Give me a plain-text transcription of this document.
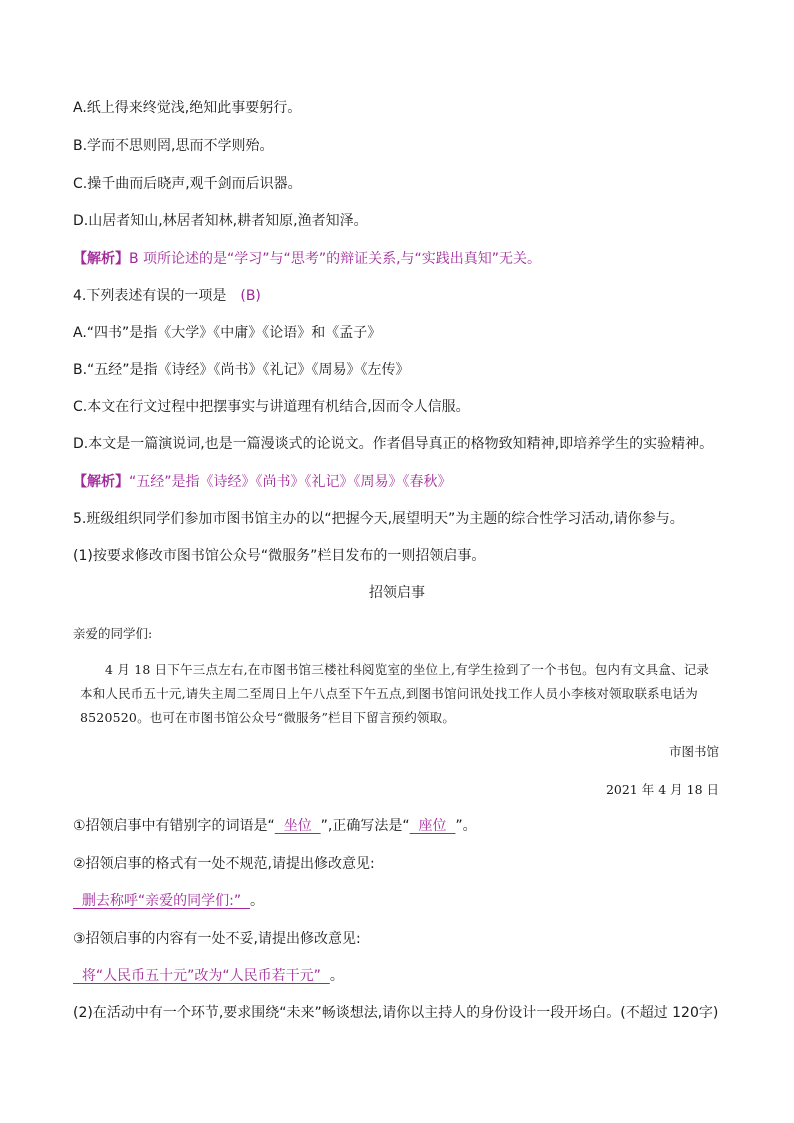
A.纸上得来终觉浅,绝知此事要躬行。
B.学而不思则罔,思而不学则殆。
C.操千曲而后晓声,观千剑而后识器。
D.山居者知山,林居者知林,耕者知原,渔者知泽。
【解析】B 项所论述的是“学习”与“思考”的辩证关系,与“实践出真知”无关。
4.下列表述有误的一项是 (B)
A.“四书”是指《大学》《中庸》《论语》和《孟子》
B.“五经”是指《诗经》《尚书》《礼记》《周易》《左传》
C.本文在行文过程中把摆事实与讲道理有机结合,因而令人信服。
D.本文是一篇演说词,也是一篇漫谈式的论说文。作者倡导真正的格物致知精神,即培养学生的实验精神。
【解析】“五经”是指《诗经》《尚书》《礼记》《周易》《春秋》
5.班级组织同学们参加市图书馆主办的以“把握今天,展望明天”为主题的综合性学习活动,请你参与。
(1)按要求修改市图书馆公众号“微服务”栏目发布的一则招领启事。
招领启事
亲爱的同学们:
4 月 18 日下午三点左右,在市图书馆三楼社科阅览室的坐位上,有学生捡到了一个书包。包内有文具盒、记录本和人民币五十元,请失主周二至周日上午八点至下午五点,到图书馆问讯处找工作人员小李核对领取联系电话为 8520520。也可在市图书馆公众号“微服务”栏目下留言预约领取。
市图书馆
2021 年 4 月 18 日
①招领启事中有错别字的词语是“  坐位  ”,正确写法是“  座位  ”。
②招领启事的格式有一处不规范,请提出修改意见:
删去称呼“亲爱的同学们:”  。
③招领启事的内容有一处不妥,请提出修改意见:
将“人民币五十元”改为“人民币若干元”  。
(2)在活动中有一个环节,要求围绕“未来”畅谈想法,请你以主持人的身份设计一段开场白。(不超过 120字)
